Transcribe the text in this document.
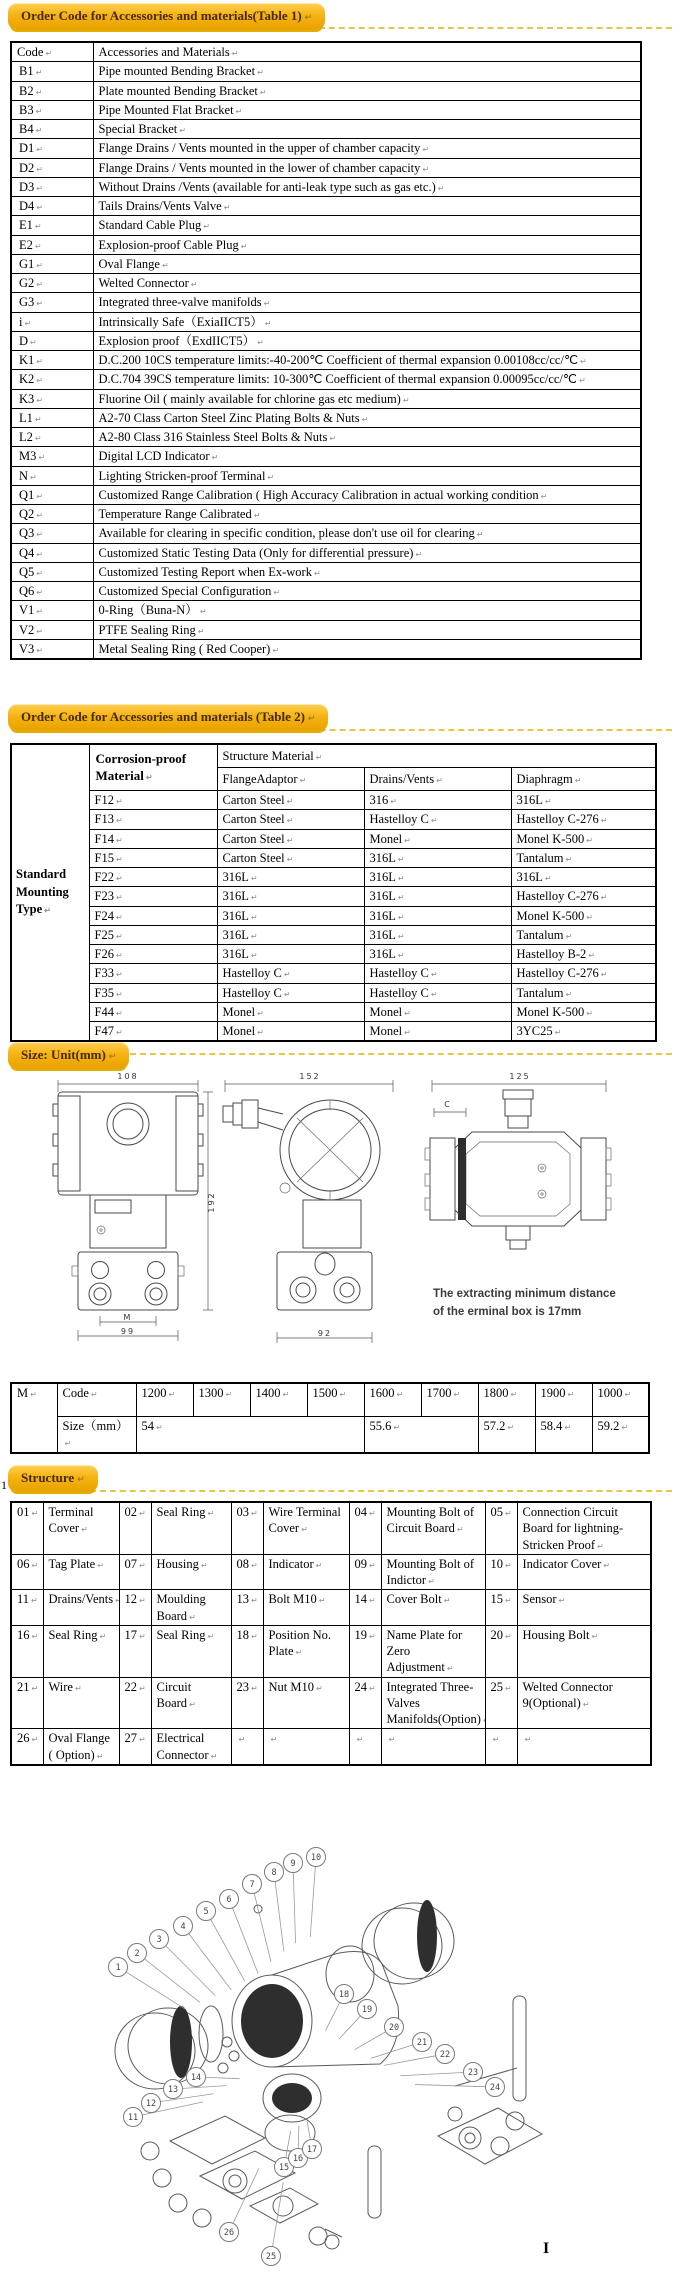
Order Code for Accessories and materials(Table 1) ↵
Order Code for Accessories and materials (Table 2) ↵
Size: Unit(mm) ↵
Structure ↵
1
Code ↵	Accessories and Materials ↵
B1 ↵	Pipe mounted Bending Bracket ↵
B2 ↵	Plate mounted Bending Bracket ↵
B3 ↵	Pipe Mounted Flat Bracket ↵
B4 ↵	Special Bracket ↵
D1 ↵	Flange Drains / Vents mounted in the upper of chamber capacity ↵
D2 ↵	Flange Drains / Vents mounted in the lower of chamber capacity ↵
D3 ↵	Without Drains /Vents (available for anti-leak type such as gas etc.) ↵
D4 ↵	Tails Drains/Vents Valve ↵
E1 ↵	Standard Cable Plug ↵
E2 ↵	Explosion-proof Cable Plug ↵
G1 ↵	Oval Flange ↵
G2 ↵	Welted Connector ↵
G3 ↵	Integrated three-valve manifolds ↵
i ↵	Intrinsically Safe（ExiaIICT5） ↵
D ↵	Explosion proof（ExdIICT5） ↵
K1 ↵	D.C.200 10CS temperature limits:-40-200℃ Coefficient of thermal expansion 0.00108cc/cc/℃ ↵
K2 ↵	D.C.704 39CS temperature limits: 10-300℃ Coefficient of thermal expansion 0.00095cc/cc/℃ ↵
K3 ↵	Fluorine Oil ( mainly available for chlorine gas etc medium) ↵
L1 ↵	A2-70 Class Carton Steel Zinc Plating Bolts & Nuts ↵
L2 ↵	A2-80 Class 316 Stainless Steel Bolts & Nuts ↵
M3 ↵	Digital LCD Indicator ↵
N ↵	Lighting Stricken-proof Terminal ↵
Q1 ↵	Customized Range Calibration ( High Accuracy Calibration in actual working condition ↵
Q2 ↵	Temperature Range Calibrated ↵
Q3 ↵	Available for clearing in specific condition, please don't use oil for clearing ↵
Q4 ↵	Customized Static Testing Data (Only for differential pressure) ↵
Q5 ↵	Customized Testing Report when Ex-work ↵
Q6 ↵	Customized Special Configuration ↵
V1 ↵	0-Ring（Buna-N） ↵
V2 ↵	PTFE Sealing Ring ↵
V3 ↵	Metal Sealing Ring ( Red Cooper) ↵
Standard Mounting Type ↵	Corrosion-proof Material ↵	Structure Material ↵
		FlangeAdaptor ↵	Drains/Vents ↵	Diaphragm ↵
	F12 ↵	Carton Steel ↵	316 ↵	316L ↵
	F13 ↵	Carton Steel ↵	Hastelloy C ↵	Hastelloy C-276 ↵
	F14 ↵	Carton Steel ↵	Monel ↵	Monel K-500 ↵
	F15 ↵	Carton Steel ↵	316L ↵	Tantalum ↵
	F22 ↵	316L ↵	316L ↵	316L ↵
	F23 ↵	316L ↵	316L ↵	Hastelloy C-276 ↵
	F24 ↵	316L ↵	316L ↵	Monel K-500 ↵
	F25 ↵	316L ↵	316L ↵	Tantalum ↵
	F26 ↵	316L ↵	316L ↵	Hastelloy B-2 ↵
	F33 ↵	Hastelloy C ↵	Hastelloy C ↵	Hastelloy C-276 ↵
	F35 ↵	Hastelloy C ↵	Hastelloy C ↵	Tantalum ↵
	F44 ↵	Monel ↵	Monel ↵	Monel K-500 ↵
	F47 ↵	Monel ↵	Monel ↵	3YC25 ↵
108
192
M
99
152
92
125
C
The extracting minimum distance
of the erminal box is 17mm
M ↵	Code ↵	1200 ↵	1300 ↵	1400 ↵	1500 ↵	1600 ↵	1700 ↵	1800 ↵	1900 ↵	1000 ↵
	Size（mm） ↵	54 ↵				55.6 ↵		57.2 ↵	58.4 ↵	59.2 ↵
01 ↵	Terminal Cover ↵	02 ↵	Seal Ring ↵	03 ↵	Wire Terminal Cover ↵	04 ↵	Mounting Bolt of Circuit Board ↵	05 ↵	Connection Circuit Board for lightning-Stricken Proof ↵
06 ↵	Tag Plate ↵	07 ↵	Housing ↵	08 ↵	Indicator ↵	09 ↵	Mounting Bolt of Indictor ↵	10 ↵	Indicator Cover ↵
11 ↵	Drains/Vents ↵	12 ↵	Moulding Board ↵	13 ↵	Bolt M10 ↵	14 ↵	Cover Bolt ↵	15 ↵	Sensor ↵
16 ↵	Seal Ring ↵	17 ↵	Seal Ring ↵	18 ↵	Position No. Plate ↵	19 ↵	Name Plate for Zero Adjustment ↵	20 ↵	Housing Bolt ↵
21 ↵	Wire ↵	22 ↵	Circuit Board ↵	23 ↵	Nut M10 ↵	24 ↵	Integrated Three-Valves Manifolds(Option) ↵	25 ↵	Welted Connector 9(Optional) ↵
26 ↵	Oval Flange ( Option) ↵	27 ↵	Electrical Connector ↵	↵	↵	↵	↵	↵	↵
1
2
3
4
5
6
7
8
9
10
11
12
13
14
15
16
17
18
19
20
21
22
23
24
25
26
I
